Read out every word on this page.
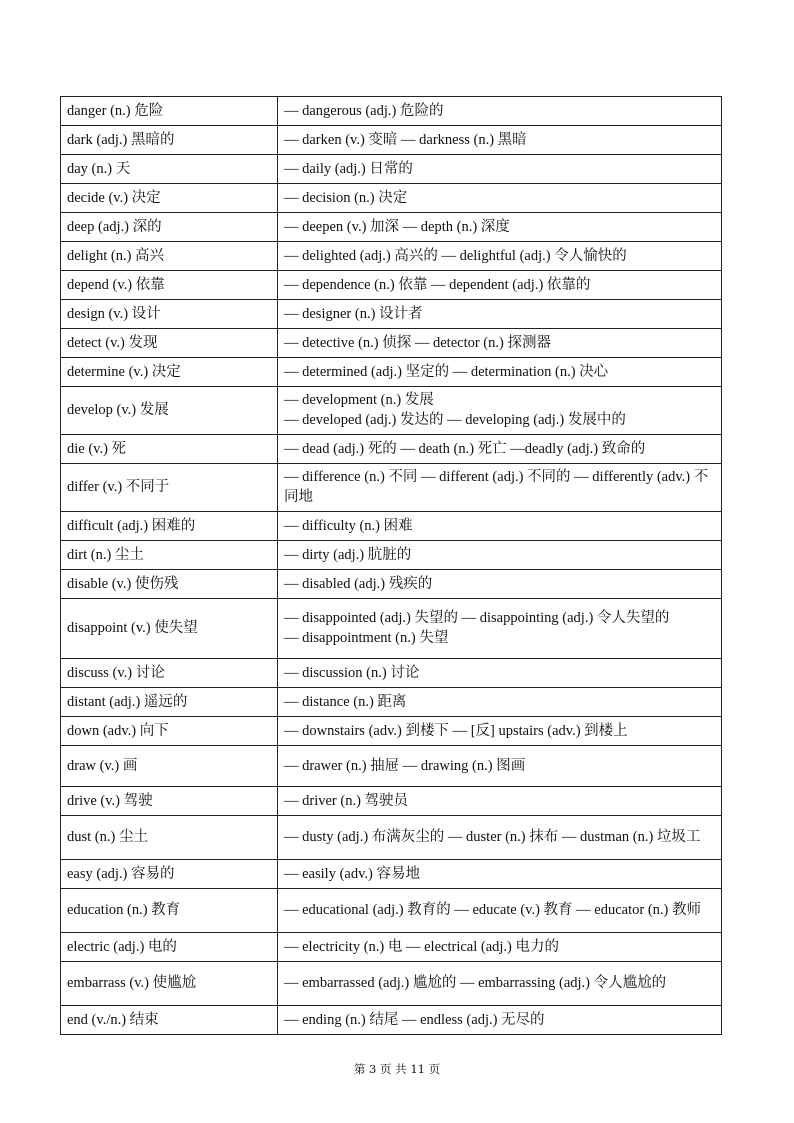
danger (n.) 危险	— dangerous (adj.) 危险的

dark (adj.) 黑暗的	— darken (v.) 变暗 — darkness (n.) 黑暗

day (n.) 天	— daily (adj.) 日常的

decide (v.) 决定	— decision (n.) 决定

deep (adj.) 深的	— deepen (v.) 加深 — depth (n.) 深度

delight (n.) 高兴	— delighted (adj.) 高兴的 — delightful (adj.) 令人愉快的

depend (v.) 依靠	— dependence (n.) 依靠 — dependent (adj.) 依靠的

design (v.) 设计	— designer (n.) 设计者

detect (v.) 发现	— detective (n.) 侦探 — detector (n.) 探测器

determine (v.) 决定	— determined (adj.) 坚定的 — determination (n.) 决心

develop (v.) 发展	— development (n.) 发展
— developed (adj.) 发达的 — developing (adj.) 发展中的

die (v.) 死	— dead (adj.) 死的 — death (n.) 死亡 —deadly (adj.) 致命的

differ (v.) 不同于	— difference (n.) 不同 — different (adj.) 不同的 — differently (adv.) 不同地

difficult (adj.) 困难的	— difficulty (n.) 困难

dirt (n.) 尘土	— dirty (adj.) 肮脏的

disable (v.) 使伤残	— disabled (adj.) 残疾的

disappoint (v.) 使失望	— disappointed (adj.) 失望的 — disappointing (adj.) 令人失望的
— disappointment (n.) 失望

discuss (v.) 讨论	— discussion (n.) 讨论

distant (adj.) 遥远的	— distance (n.) 距离

down (adv.) 向下	— downstairs (adv.) 到楼下 — [反] upstairs (adv.) 到楼上

draw (v.) 画	— drawer (n.) 抽屉 — drawing (n.) 图画

drive (v.) 驾驶	— driver (n.) 驾驶员

dust (n.) 尘土	— dusty (adj.) 布满灰尘的 — duster (n.) 抹布 — dustman (n.) 垃圾工

easy (adj.) 容易的	— easily (adv.) 容易地

education (n.) 教育	— educational (adj.) 教育的 — educate (v.) 教育 — educator (n.) 教师

electric (adj.) 电的	— electricity (n.) 电 — electrical (adj.) 电力的

embarrass (v.) 使尴尬	— embarrassed (adj.) 尴尬的 — embarrassing (adj.) 令人尴尬的

end (v./n.) 结束	— ending (n.) 结尾 — endless (adj.) 无尽的
第 3 页 共 11 页
